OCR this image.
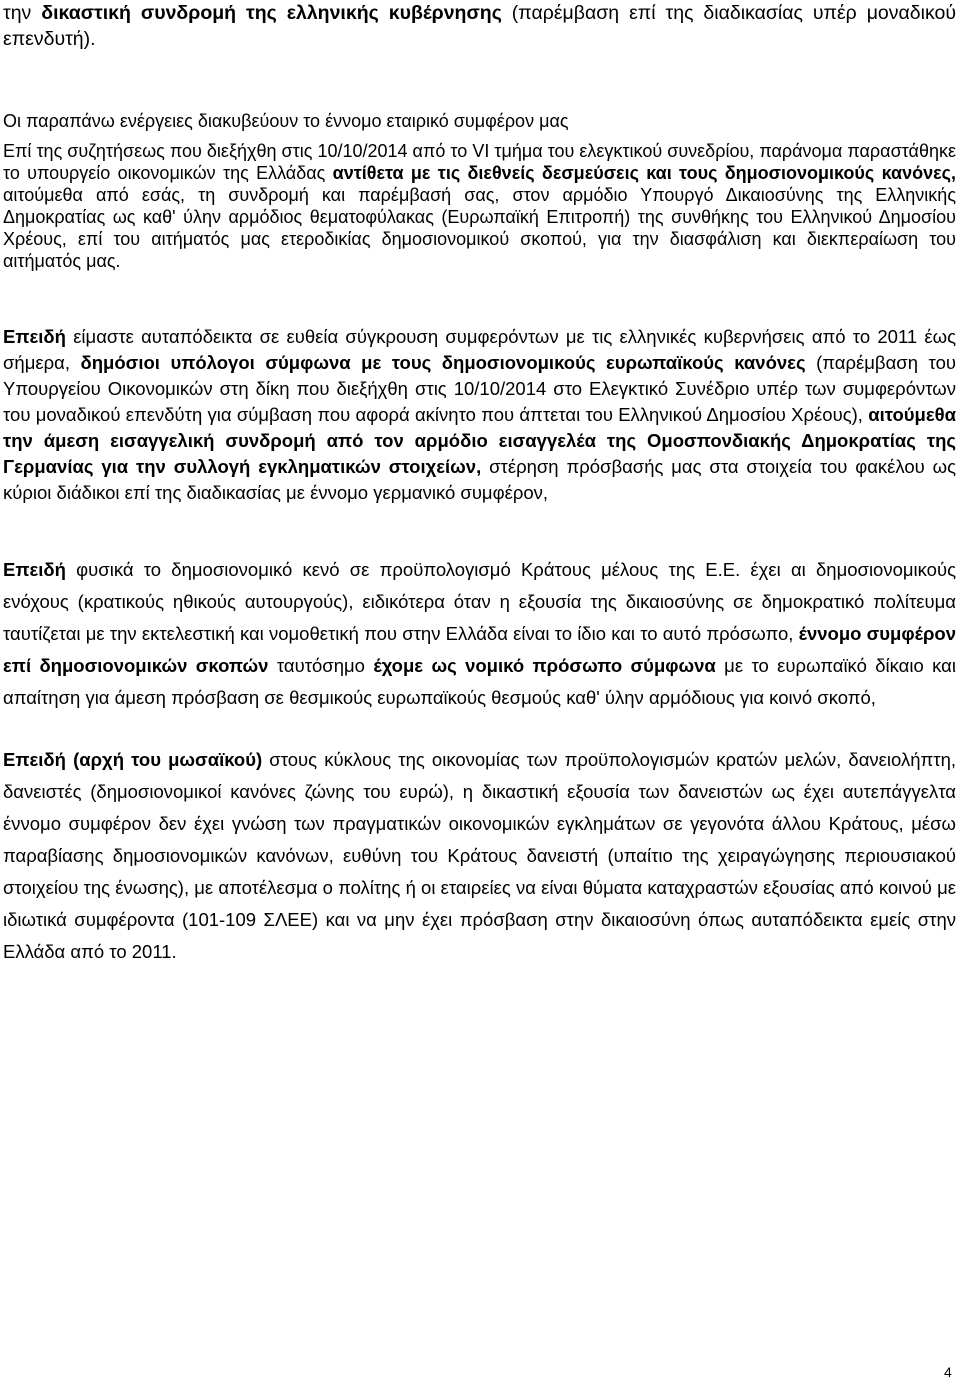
την δικαστική συνδρομή της ελληνικής κυβέρνησης (παρέμβαση επί της διαδικασίας υπέρ μοναδικού επενδυτή).

Οι παραπάνω ενέργειες διακυβεύουν το έννομο εταιρικό συμφέρον μας

Επί της συζητήσεως που διεξήχθη στις 10/10/2014 από το VI τμήμα του ελεγκτικού συνεδρίου, παράνομα παραστάθηκε το υπουργείο οικονομικών της Ελλάδας αντίθετα με τις διεθνείς δεσμεύσεις και τους δημοσιονομικούς κανόνες, αιτούμεθα από εσάς, τη συνδρομή και παρέμβασή σας, στον αρμόδιο Υπουργό Δικαιοσύνης της Ελληνικής Δημοκρατίας ως καθ' ύλην αρμόδιος θεματοφύλακας (Ευρωπαϊκή Επιτροπή) της συνθήκης του Ελληνικού Δημοσίου Χρέους, επί του αιτήματός μας ετεροδικίας δημοσιονομικού σκοπού, για την διασφάλιση και διεκπεραίωση του αιτήματός μας.

Επειδή είμαστε αυταπόδεικτα σε ευθεία σύγκρουση συμφερόντων με τις ελληνικές κυβερνήσεις από το 2011 έως σήμερα, δημόσιοι υπόλογοι σύμφωνα με τους δημοσιονομικούς ευρωπαϊκούς κανόνες (παρέμβαση του Υπουργείου Οικονομικών στη δίκη που διεξήχθη στις 10/10/2014 στο Ελεγκτικό Συνέδριο υπέρ των συμφερόντων του μοναδικού επενδύτη για σύμβαση που αφορά ακίνητο που άπτεται του Ελληνικού Δημοσίου Χρέους), αιτούμεθα την άμεση εισαγγελική συνδρομή από τον αρμόδιο εισαγγελέα της Ομοσπονδιακής Δημοκρατίας της Γερμανίας για την συλλογή εγκληματικών στοιχείων, στέρηση πρόσβασής μας στα στοιχεία του φακέλου ως κύριοι διάδικοι επί της διαδικασίας με έννομο γερμανικό συμφέρον,

Επειδή φυσικά το δημοσιονομικό κενό σε προϋπολογισμό Κράτους μέλους της Ε.Ε. έχει αι δημοσιονομικούς ενόχους (κρατικούς ηθικούς αυτουργούς), ειδικότερα όταν η εξουσία της δικαιοσύνης σε δημοκρατικό πολίτευμα ταυτίζεται με την εκτελεστική και νομοθετική που στην Ελλάδα είναι το ίδιο και το αυτό πρόσωπο, έννομο συμφέρον επί δημοσιονομικών σκοπών ταυτόσημο έχομε ως νομικό πρόσωπο σύμφωνα με το ευρωπαϊκό δίκαιο και απαίτηση για άμεση πρόσβαση σε θεσμικούς ευρωπαϊκούς θεσμούς καθ' ύλην αρμόδιους για κοινό σκοπό,

Επειδή (αρχή του μωσαϊκού) στους κύκλους της οικονομίας των προϋπολογισμών κρατών μελών, δανειολήπτη, δανειστές (δημοσιονομικοί κανόνες ζώνης του ευρώ), η δικαστική εξουσία των δανειστών ως έχει αυτεπάγγελτα έννομο συμφέρον δεν έχει γνώση των πραγματικών οικονομικών εγκλημάτων σε γεγονότα άλλου Κράτους, μέσω παραβίασης δημοσιονομικών κανόνων, ευθύνη του Κράτους δανειστή (υπαίτιο της χειραγώγησης περιουσιακού στοιχείου της ένωσης), με αποτέλεσμα ο πολίτης ή οι εταιρείες να είναι θύματα καταχραστών εξουσίας από κοινού με ιδιωτικά συμφέροντα (101-109 ΣΛΕΕ) και να μην έχει πρόσβαση στην δικαιοσύνη όπως αυταπόδεικτα εμείς στην Ελλάδα από το 2011.

4
